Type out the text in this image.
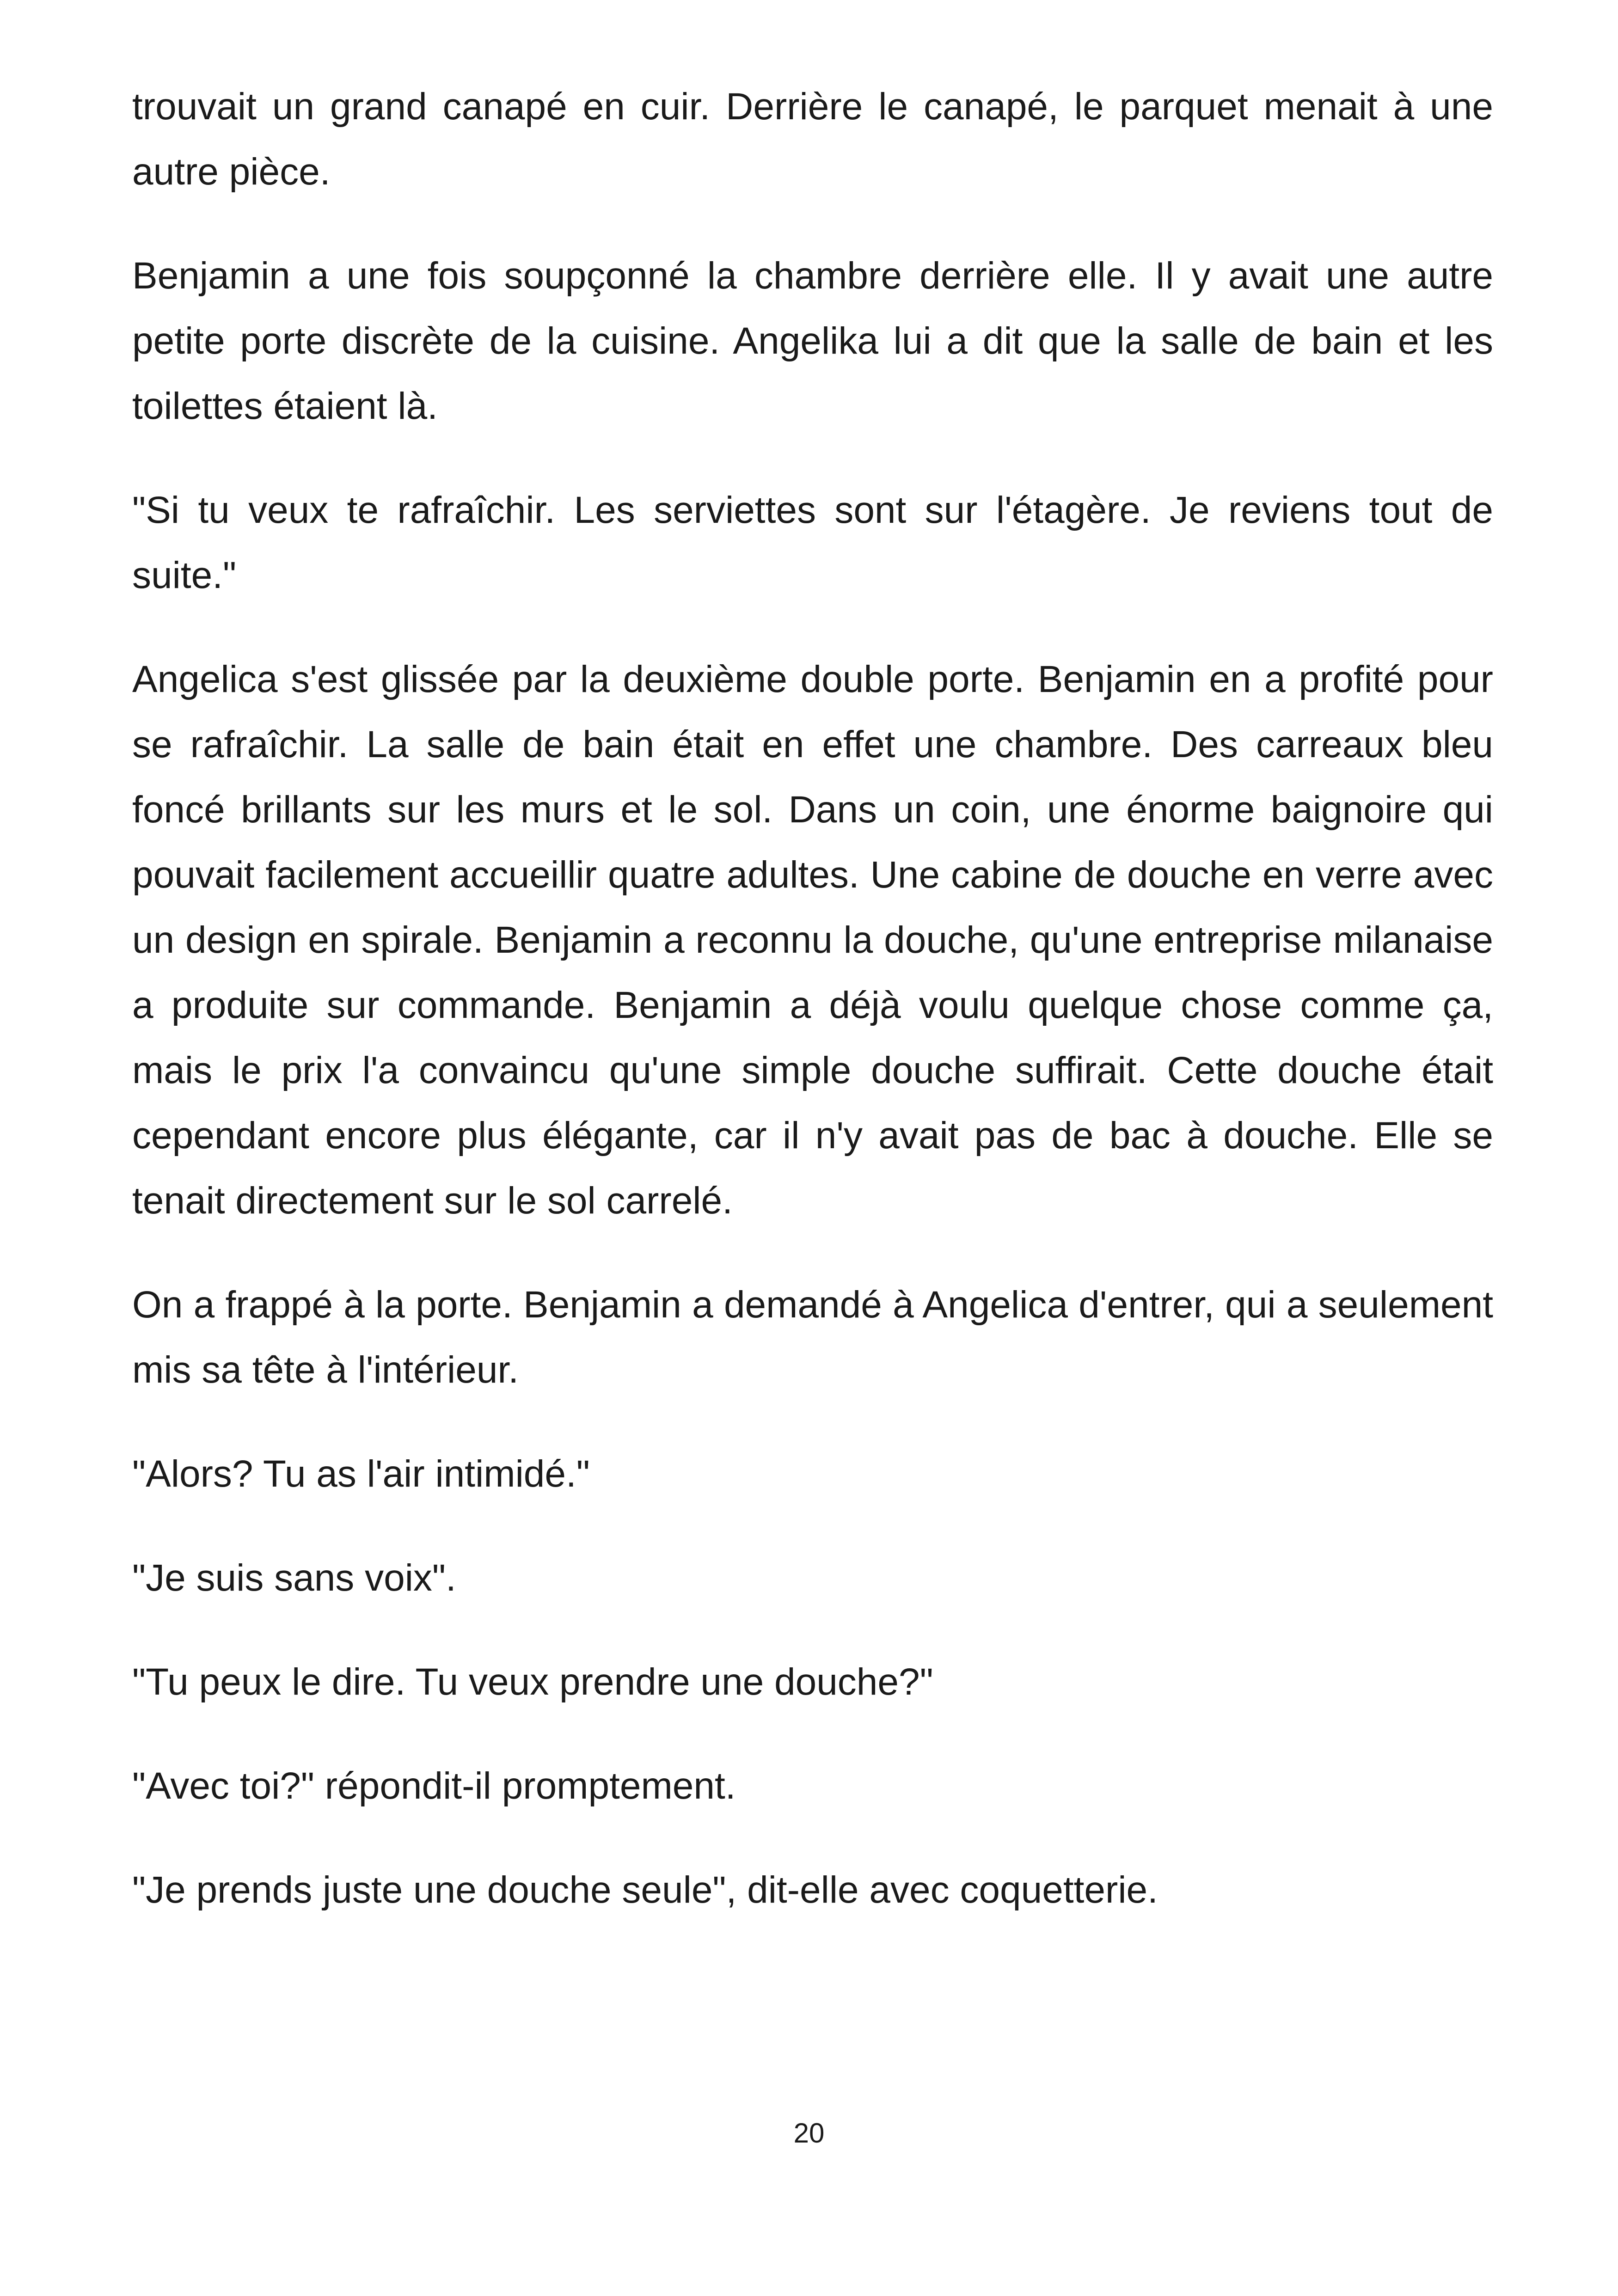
trouvait un grand canapé en cuir. Derrière le canapé, le parquet menait à une autre pièce.

Benjamin a une fois soupçonné la chambre derrière elle. Il y avait une autre petite porte discrète de la cuisine. Angelika lui a dit que la salle de bain et les toilettes étaient là.

"Si tu veux te rafraîchir. Les serviettes sont sur l'étagère. Je reviens tout de suite."

Angelica s'est glissée par la deuxième double porte. Benjamin en a profité pour se rafraîchir. La salle de bain était en effet une chambre. Des carreaux bleu foncé brillants sur les murs et le sol. Dans un coin, une énorme baignoire qui pouvait facilement accueillir quatre adultes. Une cabine de douche en verre avec un design en spirale. Benjamin a reconnu la douche, qu'une entreprise milanaise a produite sur commande. Benjamin a déjà voulu quelque chose comme ça, mais le prix l'a convaincu qu'une simple douche suffirait. Cette douche était cependant encore plus élégante, car il n'y avait pas de bac à douche. Elle se tenait directement sur le sol carrelé.

On a frappé à la porte. Benjamin a demandé à Angelica d'entrer, qui a seulement mis sa tête à l'intérieur.

"Alors? Tu as l'air intimidé."

"Je suis sans voix".

"Tu peux le dire. Tu veux prendre une douche?"

"Avec toi?" répondit-il promptement.

"Je prends juste une douche seule", dit-elle avec coquetterie.

20
